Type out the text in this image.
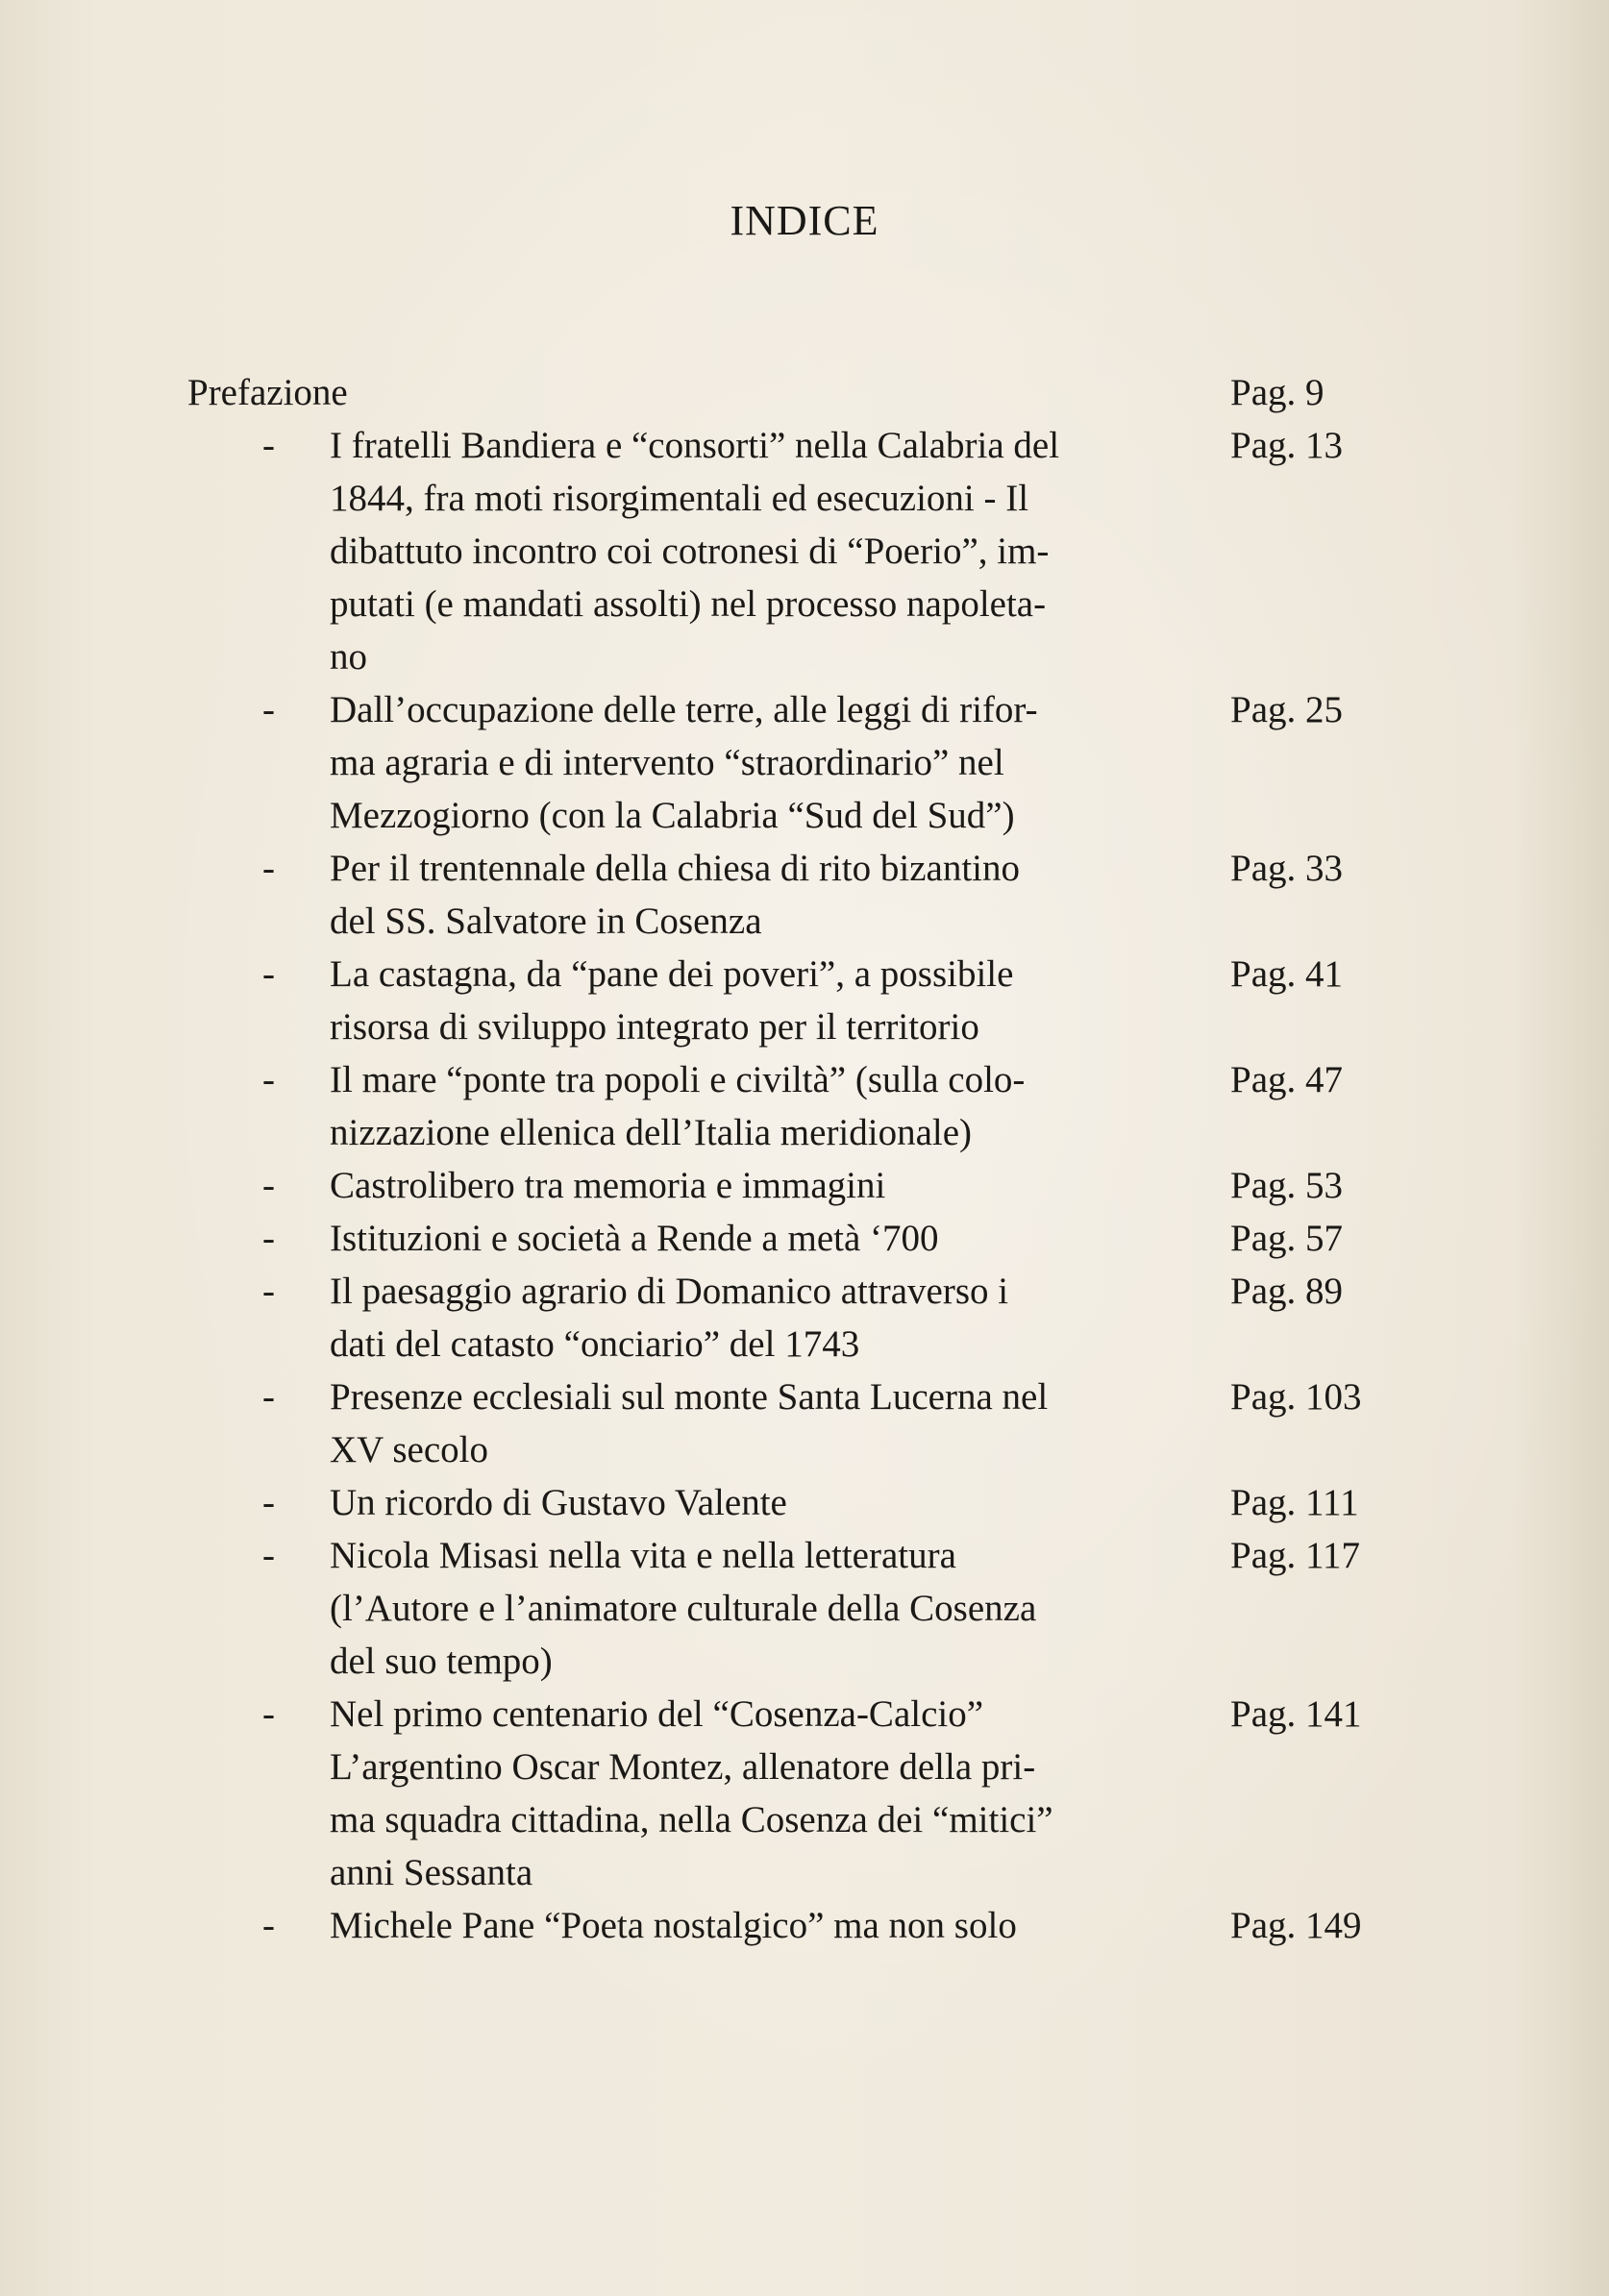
INDICE
Prefazione	Pag. 9
- I fratelli Bandiera e “consorti” nella Calabria del
1844, fra moti risorgimentali ed esecuzioni - Il
dibattuto incontro coi cotronesi di “Poerio”, im-
putati (e mandati assolti) nel processo napoleta-
no
Pag. 13
- Dall’occupazione delle terre, alle leggi di rifor-
ma agraria e di intervento “straordinario” nel
Mezzogiorno (con la Calabria “Sud del Sud”)
Pag. 25
- Per il trentennale della chiesa di rito bizantino
del SS. Salvatore in Cosenza
Pag. 33
- La castagna, da “pane dei poveri”, a possibile
risorsa di sviluppo integrato per il territorio
Pag. 41
- Il mare “ponte tra popoli e civiltà” (sulla colo-
nizzazione ellenica dell’Italia meridionale)
Pag. 47
- Castrolibero tra memoria e immagini	Pag. 53
- Istituzioni e società a Rende a metà ‘700	Pag. 57
- Il paesaggio agrario di Domanico attraverso i
dati del catasto “onciario” del 1743
Pag. 89
- Presenze ecclesiali sul monte Santa Lucerna nel
XV secolo
Pag. 103
- Un ricordo di Gustavo Valente	Pag. 111
- Nicola Misasi nella vita e nella letteratura
(l’Autore e l’animatore culturale della Cosenza
del suo tempo)
Pag. 117
- Nel primo centenario del “Cosenza-Calcio”
L’argentino Oscar Montez, allenatore della pri-
ma squadra cittadina, nella Cosenza dei “mitici”
anni Sessanta
Pag. 141
- Michele Pane “Poeta nostalgico” ma non solo	Pag. 149
